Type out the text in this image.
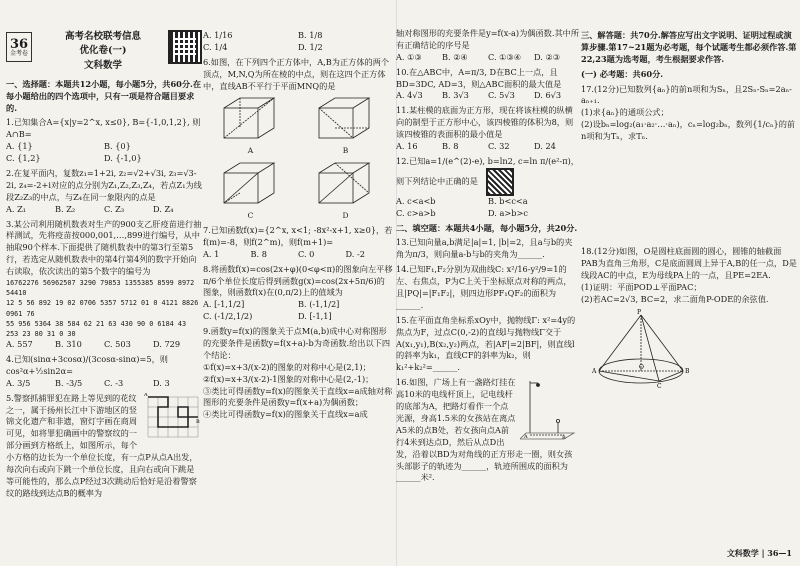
36
金考卷
高考名校联考信息
优化卷(一)
文科数学
一、选择题：本题共12小题，每小题5分，共60分.在每小题给出的四个选项中，只有一项是符合题目要求的.
1.已知集合A={x|y=2^x, x≤0}, B={-1,0,1,2}, 则A∩B=
A. {1}	B. {0}
C. {1,2}	D. {-1,0}
2.在复平面内，复数z₁=1+2i, z₂=√2+√3i, z₃=√3-2i, z₄=-2+i对应的点分别为Z₁,Z₂,Z₃,Z₄，若点Z₁为线段Z₂Z₃的中点，与Z₄在同一象限内的点是
A. Z₁	B. Z₂	C. Z₃	D. Z₄
3.某公司利用随机数表对生产的900支乙肝疫苗进行抽样测试，先将疫苗按000,001,…,899进行编号，从中抽取90个样本.下面提供了随机数表中的第3行至第5行，若选定从随机数表中的第4行第4列的数字开始向右读取，依次读出的第5个数字的编号为
16762276 56962507 3290 79853 1355385 8599 8972 54410
12 5 56 892 19 02 0706 5357 5712 01 0 4121 8826 0961 76
55 956 5364 38 584 62 21 63 430 90 0 6184 43 253 23 80 31 0 30
A. 557	B. 310	C. 503	D. 729
4.已知(sinα+3cosα)/(3cosα-sinα)=5，则cos²α+½sin2α=
A. 3/5	B. -3/5	C. -3	D. 3
A
B
5.警察抓捕罪犯在路上等见到的花纹之一，属于扬州长江中下游地区的竖锦文化遗产和非遗，窗灯字画在商周可见，如将罪犯确画中的警察纹的一部分画到方格纸上，如图所示，每个小方格的边长为一个单位长度，有一点P从点A出发，每次向右或向下跳一个单位长度，且向右或向下跳是等可能性的，那么点P经过3次跳动后恰好是沿着警察纹的路线到达点B的概率为
A. 1/16	B. 1/8
C. 1/4	D. 1/2
6.如图，在下列四个正方体中，A,B为正方体的两个顶点，M,N,Q为所在棱的中点，则在这四个正方体中，直线AB不平行于平面MNQ的是
A	B
C	D
7.已知函数f(x)={2^x, x<1; -8x²-x+1, x≥0}，若f(m)=-8，则f(2^m)，则f(m+1)=
A. 1	B. 8	C. 0	D. -2
8.将函数f(x)=cos(2x+φ)(0<φ<π)的图象向左平移π/6个单位长度后得到函数g(x)=cos(2x+5π/6)的图象，则函数f(x)在(0,π/2)上的值域为
A. [-1,1/2]	B. (-1,1/2]
C. (-1/2,1/2)	D. [-1,1]
9.函数y=f(x)的图象关于点M(a,b)成中心对称图形的充要条件是函数y=f(x+a)-b为奇函数.给出以下四个结论：
①f(x)=x+3/(x-2)的图象的对称中心是(2,1)；
②f(x)=x+3/(x-2)-1图象的对称中心是(2,-1)；
③类比可得函数y=f(x)的图象关于直线x=a成轴对称图形的充要条件是函数y=f(x+a)为偶函数；
④类比可得函数y=f(x)的图象关于直线x=a成
轴对称图形的充要条件是y=f(x-a)为偶函数.其中所有正确结论的序号是
A. ①③	B. ②④	C. ①③④	D. ②③
10.在△ABC中，A=π/3, D在BC上一点，且BD=3DC, AD=3，则△ABC面积的最大值是
A. 4√3	B. 3√3	C. 5√3	D. 6√3
11.某柱模的底面为正方形，现在将该柱模的纵横向的制型于正方形中心，该四棱锥的体积为8，则该四棱锥的表面积的最小值是
A. 16	B. 8	C. 32	D. 24
12.已知a=1/(e^(2)-e), b=ln2, c=ln π/(e²-π)，则下列结论中正确的是
A. c<a<b	B. b<c<a
C. c>a>b	D. a>b>c
二、填空题：本题共4小题，每小题5分，共20分.
13.已知向量a,b满足|a|=1, |b|=2，且a与b的夹角为π/3，则向量a-b与b的夹角为______.
14.已知F₁,F₂分别为双曲线C: x²/16-y²/9=1的左、右焦点，P为C上关于坐标原点对称的两点，且|PQ|=|F₁F₂|，则四边形PF₁QF₂的面积为______.
15.在平面直角坐标系xOy中，抛物线Γ: x²=4y的焦点为F，过点C(0,-2)的直线l与抛物线Γ交于A(x₁,y₁),B(x₂,y₂)两点，若|AF|=2|BF|，则直线l的斜率为k₁，直线CF的斜率为k₂，则k₁²+k₂²=______.
A	B
16.如图，广场上有一盏路灯挂在高10米的电线杆顶上，记电线杆的底部为A，把路灯看作一个点光源，身高1.5米的女孩站在离点A5米的点B处，若女孩向点A前行4米到达点D，然后从点D出发，沿着以BD为对角线的正方形走一圈，则女孩头部影子的轨迹为______，轨迹所围成的面积为______米².
三、解答题：共70分.解答应写出文字说明、证明过程或演算步骤.第17~21题为必考题，每个试题考生都必须作答.第22,23题为选考题，考生根据要求作答.
(一) 必考题：共60分.
17.(12分)已知数列{aₙ}的前n项和为Sₙ，且2Sₙ-Sₙ=2aₙ-aₙ₊₁.
(1)求{aₙ}的通项公式；
(2)设bₙ=log₂(a₁·a₂·…·aₙ)，cₙ=log₂bₙ，数列{1/cₙ}的前n项和为Tₙ，求Tₙ.
18.(12分)如图，O是圆柱底面圆的圆心，圆锥的轴截面PAB为直角三角形，C是底面圆周上异于A,B的任一点，D是线段AC的中点，E为母线PA上的一点，且PE=2EA.
(1)证明：平面POD⊥平面PAC；
(2)若AC=2√3, BC=2，求二面角P-ODE的余弦值.
P
A	B
C
O
文科数学 | 36—1
